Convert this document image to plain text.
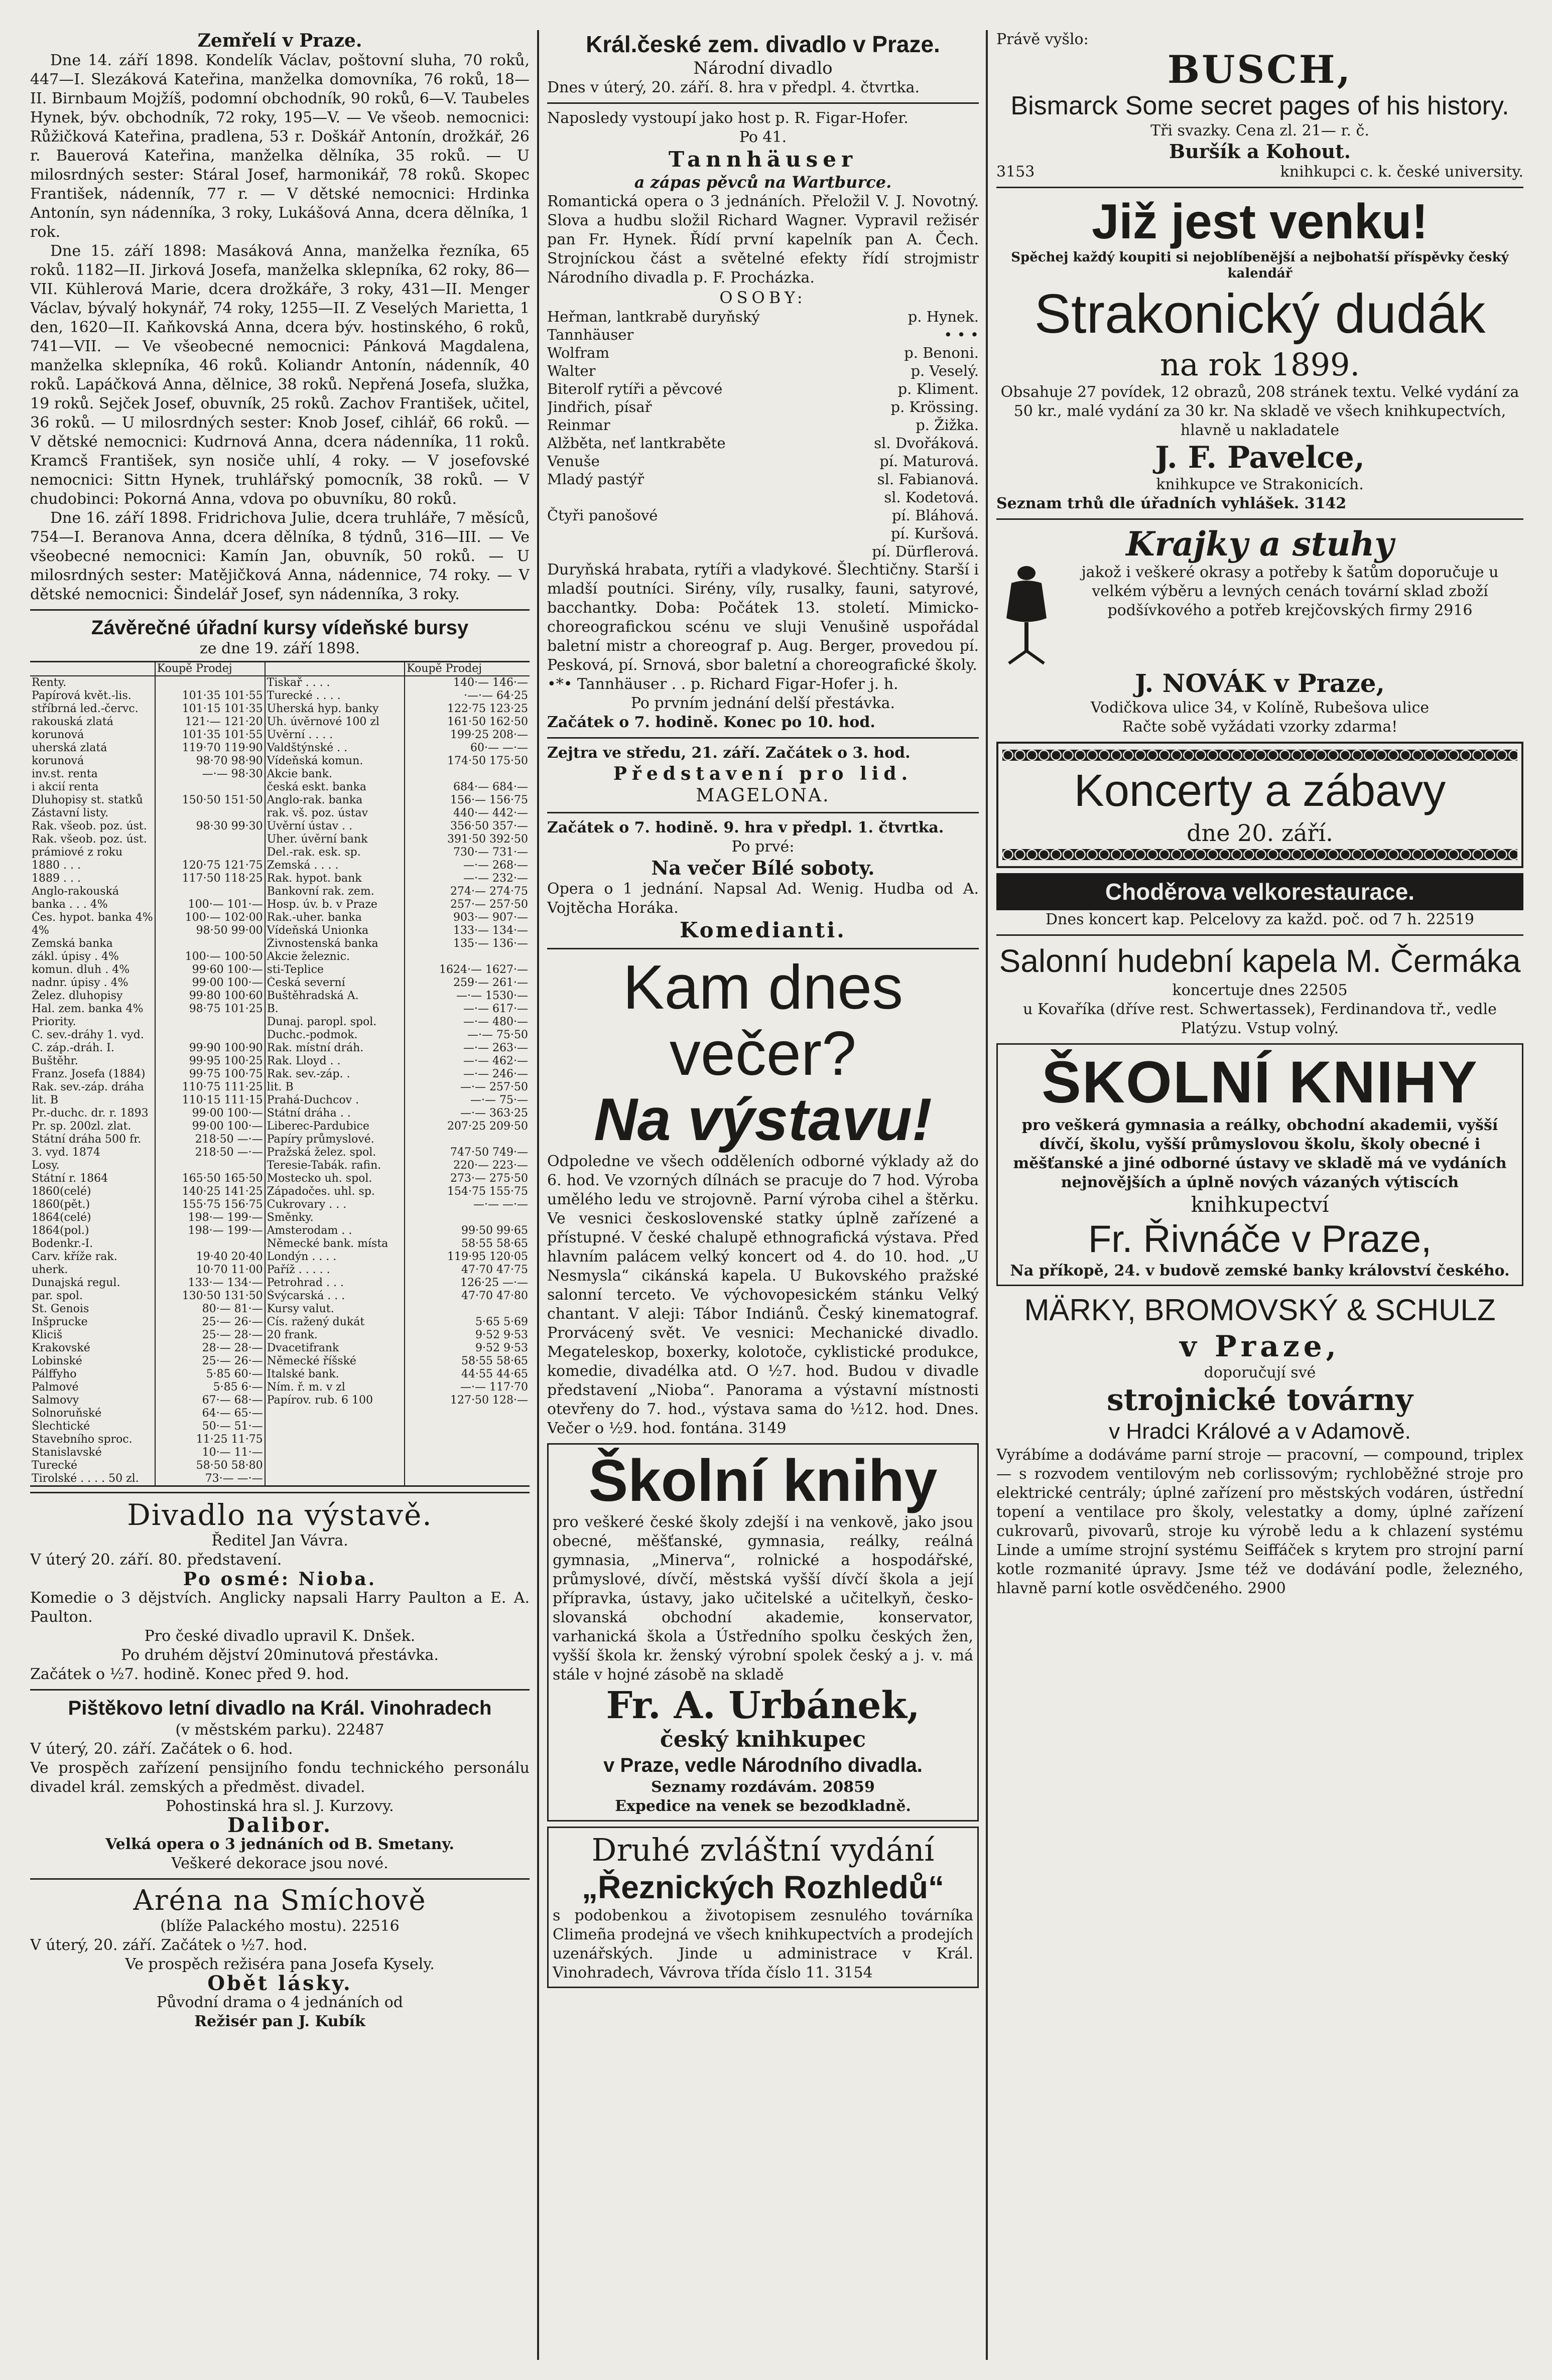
Zemřelí v Praze.

Dne 14. září 1898. Kondelík Václav, poštovní sluha, 70 roků, 447—I. Slezáková Kateřina, manželka domovníka, 76 roků, 18—II. Birnbaum Mojžíš, podomní obchodník, 90 roků, 6—V. Taubeles Hynek, býv. obchodník, 72 roky, 195—V. — Ve všeob. nemocnici: Růžičková Kateřina, pradlena, 53 r. Doškář Antonín, drožkář, 26 r. Bauerová Kateřina, manželka dělníka, 35 roků. — U milosrdných sester: Stáral Josef, harmonikář, 78 roků. Skopec František, nádenník, 77 r. — V dětské nemocnici: Hrdinka Antonín, syn nádenníka, 3 roky, Lukášová Anna, dcera dělníka, 1 rok.

Dne 15. září 1898: Masáková Anna, manželka řezníka, 65 roků. 1182—II. Jirková Josefa, manželka sklepníka, 62 roky, 86—VII. Kühlerová Marie, dcera drožkáře, 3 roky, 431—II. Menger Václav, bývalý hokynář, 74 roky, 1255—II. Z Veselých Marietta, 1 den, 1620—II. Kaňkovská Anna, dcera býv. hostinského, 6 roků, 741—VII. — Ve všeobecné nemocnici: Pánková Magdalena, manželka sklepníka, 46 roků. Koliandr Antonín, nádenník, 40 roků. Lapáčková Anna, dělnice, 38 roků. Nepřená Josefa, služka, 19 roků. Sejček Josef, obuvník, 25 roků. Zachov František, učitel, 36 roků. — U milosrdných sester: Knob Josef, cihlář, 66 roků. — V dětské nemocnici: Kudrnová Anna, dcera nádenníka, 11 roků. Kramcš František, syn nosiče uhlí, 4 roky. — V josefovské nemocnici: Sittn Hynek, truhlářský pomocník, 38 roků. — V chudobinci: Pokorná Anna, vdova po obuvníku, 80 roků.

Dne 16. září 1898. Fridrichova Julie, dcera truhláře, 7 měsíců, 754—I. Beranova Anna, dcera dělníka, 8 týdnů, 316—III. — Ve všeobecné nemocnici: Kamín Jan, obuvník, 50 roků. — U milosrdných sester: Matějičková Anna, nádennice, 74 roky. — V dětské nemocnici: Šindelář Josef, syn nádenníka, 3 roky.

Závěrečné úřadní kursy vídeňské bursy

ze dne 19. září 1898.

	Koupě Prodej		Koupě Prodej
Renty.		Tiskař . . . .	140·— 146·—
Papírová květ.-lis.	101·35 101·55	Turecké . . . .	·—·— 64·25
stříbrná led.-červc.	101·15 101·35	Uherská hyp. banky	122·75 123·25
rakouská zlatá	121·— 121·20	Uh. úvěrnové 100 zl	161·50 162·50
korunová	101·35 101·55	Úvěrní . . . .	199·25 208·—
uherská zlatá	119·70 119·90	Valdštýnské . .	60·— —·—
korunová	98·70 98·90	Vídeňská komun.	174·50 175·50
inv.st. renta	—·— 98·30	Akcie bank.	
i akcií renta		česká eskt. banka	684·— 684·—
Dluhopisy st. statků	150·50 151·50	Anglo-rak. banka	156·— 156·75
Zástavní listy.		rak. vš. poz. ústav	440·— 442·—
Rak. všeob. poz. úst.	98·30 99·30	Úvěrní ústav . .	356·50 357·—
Rak. všeob. poz. úst.		Uher. úvěrní bank	391·50 392·50
prámiové z roku		Del.-rak. esk. sp.	730·— 731·—
1880 . . .	120·75 121·75	Zemská . . . .	—·— 268·—
1889 . . .	117·50 118·25	Rak. hypot. bank	—·— 232·—
Anglo-rakouská		Bankovní rak. zem.	274·— 274·75
banka . . . 4%	100·— 101·—	Hosp. úv. b. v Praze	257·— 257·50
Čes. hypot. banka 4%	100·— 102·00	Rak.-uher. banka	903·— 907·—
4%	98·50 99·00	Vídeňská Unionka	133·— 134·—
Zemská banka		Živnostenská banka	135·— 136·—
zákl. úpisy . 4%	100·— 100·50	Akcie železnic.	
komun. dluh . 4%	99·60 100·—	sti-Teplice	1624·— 1627·—
nadnr. úpisy . 4%	99·00 100·—	Česká severní	259·— 261·—
Želez. dluhopisy	99·80 100·60	Buštěhradská A.	—·— 1530·—
Hal. zem. banka 4%	98·75 101·25	B.	—·— 617·—
Priority.		Dunaj. paropl. spol.	—·— 480·—
C. sev.-dráhy 1. vyd.		Duchc.-podmok.	—·— 75·50
C. záp.-dráh. I.	99·90 100·90	Rak. místní dráh.	—·— 263·—
Buštěhr.	99·95 100·25	Rak. Lloyd . .	—·— 462·—
Franz. Josefa (1884)	99·75 100·75	Rak. sev.-záp. .	—·— 246·—
Rak. sev.-záp. dráha	110·75 111·25	lit. B	—·— 257·50
lit. B	110·15 111·15	Prahá-Duchcov .	—·— 75·—
Pr.-duchc. dr. r. 1893	99·00 100·—	Státní dráha . .	—·— 363·25
Pr. sp. 200zl. zlat.	99·00 100·—	Liberec-Pardubice	207·25 209·50
Státní dráha 500 fr.	218·50 —·—	Papíry průmyslové.	
3. vyd. 1874	218·50 —·—	Pražská želez. spol.	747·50 749·—
Losy.		Teresie-Tabák. rafin.	220·— 223·—
Státní r. 1864	165·50 165·50	Mostecko uh. spol.	273·— 275·50
1860(celé)	140·25 141·25	Západočes. uhl. sp.	154·75 155·75
1860(pět.)	155·75 156·75	Cukrovary . . .	—·— —·—
1864(celé)	198·— 199·—	Směnky.	
1864(pol.)	198·— 199·—	Amsterodam . .	99·50 99·65
Bodenkr.-I.		Německé bank. místa	58·55 58·65
Carv. kříže rak.	19·40 20·40	Londýn . . . .	119·95 120·05
uherk.	10·70 11·00	Paříž . . . . .	47·70 47·75
Dunajská regul.	133·— 134·—	Petrohrad . . .	126·25 —·—
par. spol.	130·50 131·50	Švýcarská . . .	47·70 47·80
St. Genois	80·— 81·—	Kursy valut.	
Inšprucke	25·— 26·—	Cís. ražený dukát	5·65 5·69
Kliciš	25·— 28·—	20 frank.	9·52 9·53
Krakovské	28·— 28·—	Dvacetifrank	9·52 9·53
Lobinské	25·— 26·—	Německé říšské	58·55 58·65
Pálffyho	5·85 60·—	Italské bank.	44·55 44·65
Palmové	5·85 6·—	Ním. ř. m. v zl	—·— 117·70
Salmovy	67·— 68·—	Papírov. rub. 6 100	127·50 128·—
Solnoruňské	64·— 65·—		
Šlechtické	50·— 51·—		
Stavebního sproc.	11·25 11·75		
Stanislavské	10·— 11·—		
Turecké	58·50 58·80		
Tirolské . . . . 50 zl.	73·— —·—		

Divadlo na výstavě.

Ředitel Jan Vávra.

V úterý 20. září. 80. představení.

Po osmé: Nioba.

Komedie o 3 dějstvích. Anglicky napsali Harry Paulton a E. A. Paulton.

Pro české divadlo upravil K. Dnšek.

Po druhém dějství 20minutová přestávka.

Začátek o ½7. hodině. Konec před 9. hod.

Pištěkovo letní divadlo na Král. Vinohradech

(v městském parku). 22487

V úterý, 20. září. Začátek o 6. hod.

Ve prospěch zařízení pensijního fondu technického personálu divadel král. zemských a předměst. divadel.

Pohostinská hra sl. J. Kurzovy.

Dalibor.

Velká opera o 3 jednáních od B. Smetany.

Veškeré dekorace jsou nové.

Aréna na Smíchově

(blíže Palackého mostu). 22516

V úterý, 20. září. Začátek o ½7. hod.

Ve prospěch režiséra pana Josefa Kysely.

Obět lásky.

Původní drama o 4 jednáních od

Režisér pan J. Kubík

Král.české zem. divadlo v Praze.

Národní divadlo

Dnes v úterý, 20. září. 8. hra v předpl. 4. čtvrtka.

Naposledy vystoupí jako host p. R. Figar-Hofer.

Po 41.

Tannhäuser

a zápas pěvců na Wartburce.

Romantická opera o 3 jednáních. Přeložil V. J. Novotný. Slova a hudbu složil Richard Wagner. Vypravil režisér pan Fr. Hynek. Řídí první kapelník pan A. Čech. Strojníckou část a světelné efekty řídí strojmistr Národního divadla p. F. Procházka.

OSOBY:

Heřman, lantkrabě duryňský	p. Hynek.
Tannhäuser	• • •
Wolfram	p. Benoni.
Walter	p. Veselý.
Biterolf rytíři a pěvcové	p. Kliment.
Jindřich, písař	p. Krössing.
Reinmar	p. Žižka.
Alžběta, neť lantkraběte	sl. Dvořáková.
Venuše	pí. Maturová.
Mladý pastýř	sl. Fabianová.
sl. Kodetová.
Čtyři panošové	pí. Bláhová.
pí. Kuršová.
pí. Dürflerová.

Duryňská hrabata, rytíři a vladykové. Šlechtičny. Starší i mladší poutníci. Sirény, víly, rusalky, fauni, satyrové, bacchantky. Doba: Počátek 13. století. Mimicko-choreografickou scénu ve sluji Venušině uspořádal baletní mistr a choreograf p. Aug. Berger, provedou pí. Pesková, pí. Srnová, sbor baletní a choreografické školy.

•*• Tannhäuser . . p. Richard Figar-Hofer j. h.

Po prvním jednání delší přestávka.

Začátek o 7. hodině. Konec po 10. hod.

Zejtra ve středu, 21. září. Začátek o 3. hod.

Představení pro lid.

MAGELONA.

Začátek o 7. hodině. 9. hra v předpl. 1. čtvrtka.

Po prvé:

Na večer Bílé soboty.

Opera o 1 jednání. Napsal Ad. Wenig. Hudba od A. Vojtěcha Horáka.

Komedianti.

Kam dnes večer?

Na výstavu!

Odpoledne ve všech odděleních odborné výklady až do 6. hod. Ve vzorných dílnách se pracuje do 7 hod. Výroba umělého ledu ve strojovně. Parní výroba cihel a štěrku. Ve vesnici československé statky úplně zařízené a přístupné. V české chalupě ethnografická výstava. Před hlavním palácem velký koncert od 4. do 10. hod. „U Nesmysla“ cikánská kapela. U Bukovského pražské salonní terceto. Ve výchovopesickém stánku Velký chantant. V aleji: Tábor Indiánů. Český kinematograf. Prorvácený svět. Ve vesnici: Mechanické divadlo. Megateleskop, boxerky, kolotoče, cyklistické produkce, komedie, divadélka atd. O ½7. hod. Budou v divadle představení „Nioba“. Panorama a výstavní místnosti otevřeny do 7. hod., výstava sama do ½12. hod. Dnes. Večer o ½9. hod. fontána. 3149

Školní knihy

pro veškeré české školy zdejší i na venkově, jako jsou obecné, měšťanské, gymnasia, reálky, reálná gymnasia, „Minerva“, rolnické a hospodářské, průmyslové, dívčí, městská vyšší dívčí škola a její přípravka, ústavy, jako učitelské a učitelkyň, česko-slovanská obchodní akademie, konservator, varhanická škola a Ústředního spolku českých žen, vyšší škola kr. ženský výrobní spolek český a j. v. má stále v hojné zásobě na skladě

Fr. A. Urbánek,

český knihkupec

v Praze, vedle Národního divadla.

Seznamy rozdávám. 20859

Expedice na venek se bezodkladně.

Druhé zvláštní vydání

„Řeznických Rozhledů“

s podobenkou a životopisem zesnulého továrníka Climeña prodejná ve všech knihkupectvích a prodejích uzenářských. Jinde u administrace v Král. Vinohradech, Vávrova třída číslo 11. 3154

Právě vyšlo:

BUSCH,

Bismarck Some secret pages of his history.

Tři svazky. Cena zl. 21— r. č.

Buršík a Kohout.

3153	knihkupci c. k. české university.

Již jest venku!

Spěchej každý koupiti si nejoblíbenější a nejbohatší příspěvky český kalendář

Strakonický dudák

na rok 1899.

Obsahuje 27 povídek, 12 obrazů, 208 stránek textu. Velké vydání za 50 kr., malé vydání za 30 kr. Na skladě ve všech knihkupectvích, hlavně u nakladatele

J. F. Pavelce,

knihkupce ve Strakonicích.

Seznam trhů dle úřadních vyhlášek. 3142

Krajky a stuhy

jakož i veškeré okrasy a potřeby k šatům doporučuje u velkém výběru a levných cenách tovární sklad zboží podšívkového a potřeb krejčovských firmy 2916

J. NOVÁK v Praze,

Vodičkova ulice 34, v Kolíně, Rubešova ulice

Račte sobě vyžádati vzorky zdarma!

Koncerty a zábavy

dne 20. září.

Choděrova velkorestaurace.

Dnes koncert kap. Pelcelovy za každ. poč. od 7 h. 22519

Salonní hudební kapela M. Čermáka

koncertuje dnes 22505

u Kovaříka (dříve rest. Schwertassek), Ferdinandova tř., vedle Platýzu. Vstup volný.

ŠKOLNÍ KNIHY

pro veškerá gymnasia a reálky, obchodní akademii, vyšší dívčí, školu, vyšší průmyslovou školu, školy obecné i měšťanské a jiné odborné ústavy ve skladě má ve vydáních nejnovějších a úplně nových vázaných výtiscích

knihkupectví

Fr. Řivnáče v Praze,

Na příkopě, 24. v budově zemské banky království českého.

MÄRKY, BROMOVSKÝ & SCHULZ

v Praze,

doporučují své

strojnické továrny

v Hradci Králové a v Adamově.

Vyrábíme a dodáváme parní stroje — pracovní, — compound, triplex — s rozvodem ventilovým neb corlissovým; rychloběžné stroje pro elektrické centrály; úplné zařízení pro městských vodáren, ústřední topení a ventilace pro školy, velestatky a domy, úplné zařízení cukrovarů, pivovarů, stroje ku výrobě ledu a k chlazení systému Linde a umíme strojní systému Seiffáček s krytem pro strojní parní kotle rozmanité úpravy. Jsme též ve dodávání podle, železného, hlavně parní kotle osvědčeného. 2900
